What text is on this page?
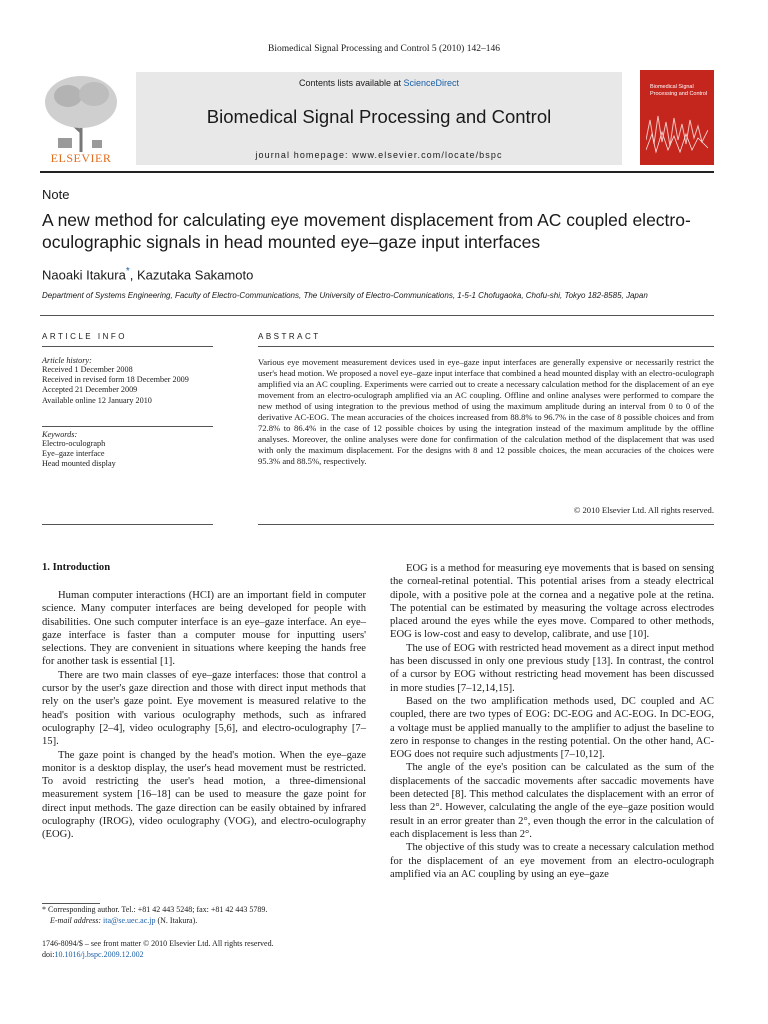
Biomedical Signal Processing and Control 5 (2010) 142–146
ELSEVIER
Contents lists available at ScienceDirect
Biomedical Signal Processing and Control
journal homepage: www.elsevier.com/locate/bspc
Biomedical Signal Processing and Control
Note
A new method for calculating eye movement displacement from AC coupled electro-oculographic signals in head mounted eye–gaze input interfaces
Naoaki Itakura*, Kazutaka Sakamoto
Department of Systems Engineering, Faculty of Electro-Communications, The University of Electro-Communications, 1-5-1 Chofugaoka, Chofu-shi, Tokyo 182-8585, Japan
ARTICLE INFO
Article history:
Received 1 December 2008
Received in revised form 18 December 2009
Accepted 21 December 2009
Available online 12 January 2010
Keywords:
Electro-oculograph
Eye–gaze interface
Head mounted display
ABSTRACT
Various eye movement measurement devices used in eye–gaze input interfaces are generally expensive or necessarily restrict the user's head motion. We proposed a novel eye–gaze input interface that combined a head mounted display with an electro-oculograph amplified via an AC coupling. Experiments were carried out to create a necessary calculation method for the displacement of an eye movement from an electro-oculograph amplified via an AC coupling. Offline and online analyses were performed to compare the new method of using integration to the previous method of using the maximum amplitude during an interval from 0 to 0 of the derivative AC-EOG. The mean accuracies of the choices increased from 88.8% to 96.7% in the case of 8 possible choices and from 72.8% to 86.4% in the case of 12 possible choices by using the integration instead of the maximum amplitude by the offline analyses. Moreover, the online analyses were done for confirmation of the calculation method of the displacement that was used with only the maximum displacement. For the designs with 8 and 12 possible choices, the mean accuracies of the choices were 95.3% and 88.5%, respectively.
© 2010 Elsevier Ltd. All rights reserved.
1. Introduction

Human computer interactions (HCI) are an important field in computer science. Many computer interfaces are being developed for people with disabilities. One such computer interface is an eye–gaze interface. An eye–gaze interface is faster than a computer mouse for inputting users' selections. They are convenient in situations where keeping the hands free for another task is essential [1].

There are two main classes of eye–gaze interfaces: those that control a cursor by the user's gaze direction and those with direct input methods that rely on the user's gaze point. Eye movement is measured relative to the head's position with various oculography methods, such as infrared oculography [2–4], video oculography [5,6], and electro-oculography [7–15].

The gaze point is changed by the head's motion. When the eye–gaze monitor is a desktop display, the user's head movement must be restricted. To avoid restricting the user's head motion, a three-dimensional measurement system [16–18] can be used to measure the gaze point for direct input methods. The gaze direction can be easily obtained by infrared oculography (IROG), video oculography (VOG), and electro-oculography (EOG).

EOG is a method for measuring eye movements that is based on sensing the corneal-retinal potential. This potential arises from a steady electrical dipole, with a positive pole at the cornea and a negative pole at the retina. The potential can be estimated by measuring the voltage across electrodes placed around the eyes while the eyes move. Compared to other methods, EOG is low-cost and easy to develop, calibrate, and use [10].

The use of EOG with restricted head movement as a direct input method has been discussed in only one previous study [13]. In contrast, the control of a cursor by EOG without restricting head movement has been discussed in more studies [7–12,14,15].

Based on the two amplification methods used, DC coupled and AC coupled, there are two types of EOG: DC-EOG and AC-EOG. In DC-EOG, a voltage must be applied manually to the amplifier to adjust the baseline to zero in response to changes in the resting potential. On the other hand, AC-EOG does not require such adjustments [7–10,12].

The angle of the eye's position can be calculated as the sum of the displacements of the saccadic movements after saccadic movements have been detected [8]. This method calculates the displacement with an error of less than 2°. However, calculating the angle of the eye–gaze position would result in an error greater than 2°, even though the error in the calculation of each displacement is less than 2°.

The objective of this study was to create a necessary calculation method for the displacement of an eye movement from an electro-oculograph amplified via an AC coupling by using an eye–gaze

* Corresponding author. Tel.: +81 42 443 5248; fax: +81 42 443 5789.
E-mail address: ita@se.uec.ac.jp (N. Itakura).
1746-8094/$ – see front matter © 2010 Elsevier Ltd. All rights reserved.
doi:10.1016/j.bspc.2009.12.002
